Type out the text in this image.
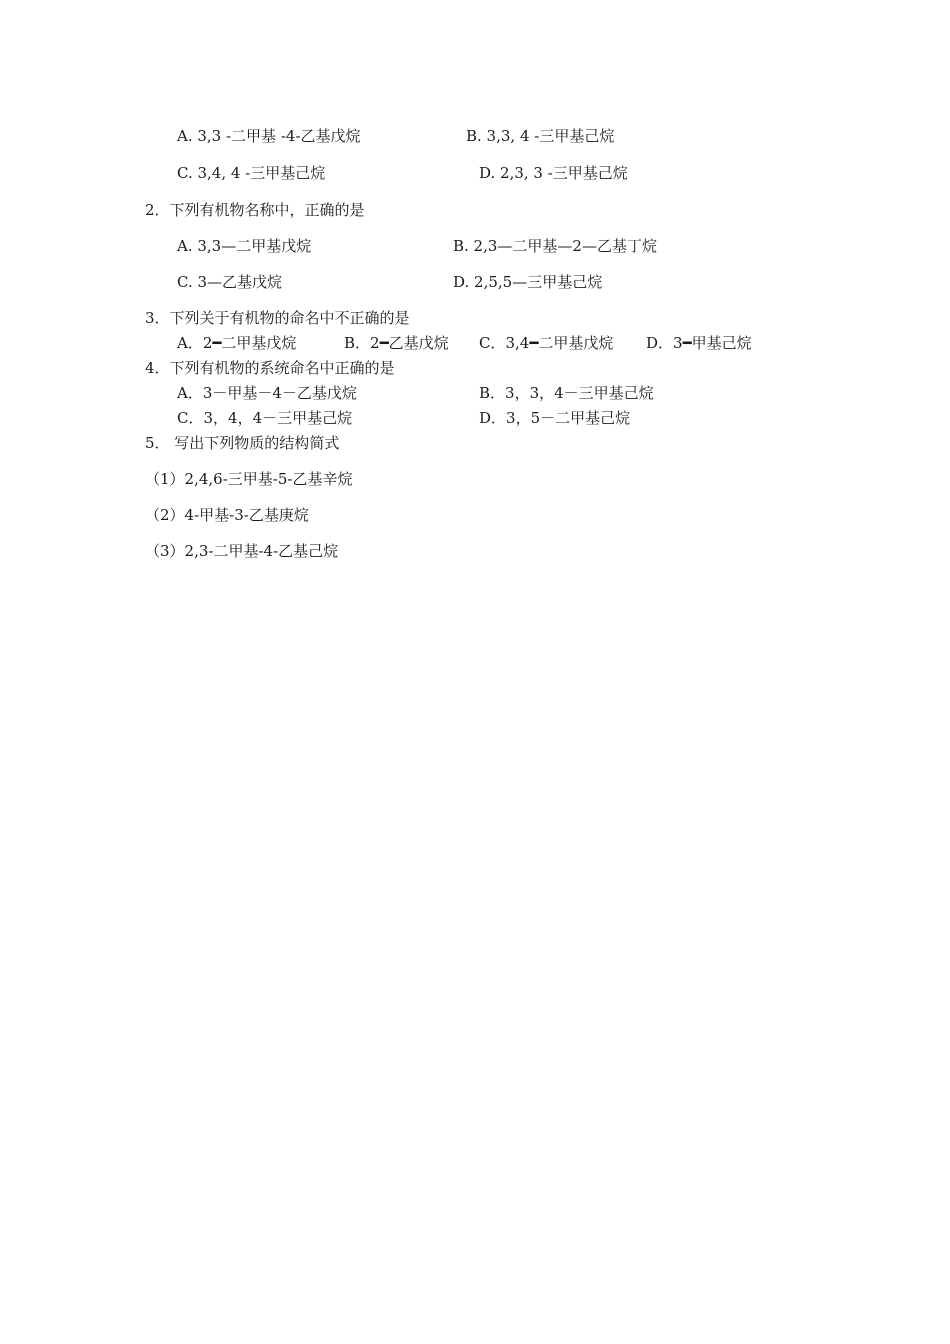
A. 3,3 -二甲基 -4-乙基戊烷	B. 3,3, 4 -三甲基己烷
C. 3,4, 4 -三甲基己烷	D. 2,3, 3 -三甲基己烷
2．下列有机物名称中，正确的是
A. 3,3—二甲基戊烷	B. 2,3—二甲基—2—乙基丁烷
C. 3—乙基戊烷	D. 2,5,5—三甲基己烷
3．下列关于有机物的命名中不正确的是
A．2━二甲基戊烷	B．2━乙基戊烷 C．3,4━二甲基戊烷 D．3━甲基己烷
4．下列有机物的系统命名中正确的是
A．3－甲基－4－乙基戊烷	B．3，3，4－三甲基己烷
C．3，4，4－三甲基己烷	D．3，5－二甲基己烷
5． 写出下列物质的结构简式
（1）2,4,6-三甲基-5-乙基辛烷
（2）4-甲基-3-乙基庚烷
（3）2,3-二甲基-4-乙基己烷
